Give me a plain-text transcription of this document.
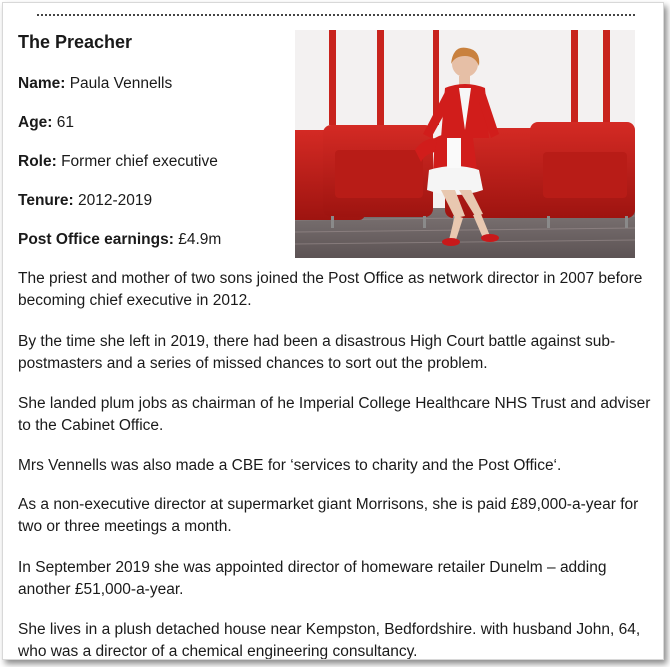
The Preacher

Name: Paula Vennells

Age: 61

Role: Former chief executive

Tenure: 2012-2019

Post Office earnings: £4.9m

The priest and mother of two sons joined the Post Office as network director in 2007 before becoming chief executive in 2012.

By the time she left in 2019, there had been a disastrous High Court battle against sub-postmasters and a series of missed chances to sort out the problem.

She landed plum jobs as chairman of he Imperial College Healthcare NHS Trust and adviser to the Cabinet Office.

Mrs Vennells was also made a CBE for ‘services to charity and the Post Office‘.

As a non-executive director at supermarket giant Morrisons, she is paid £89,000-a-year for two or three meetings a month.

In September 2019 she was appointed director of homeware retailer Dunelm – adding another £51,000-a-year.

She lives in a plush detached house near Kempston, Bedfordshire. with husband John, 64, who was a director of a chemical engineering consultancy.
